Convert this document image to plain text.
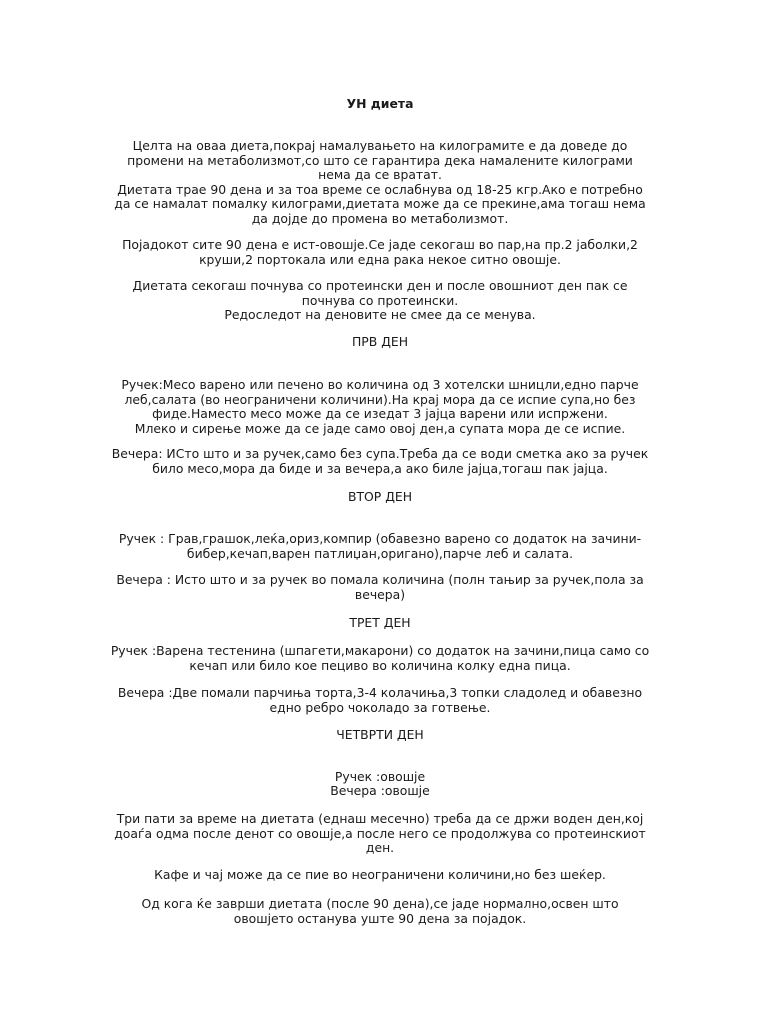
УН диета

Целта на оваа диета,покрај намалувањето на килограмите е да доведе до промени на метаболизмот,со што се гарантира дека намалените килограми нема да се вратат.
Диетата трае 90 дена и за тоа време се ослабнува од 18-25 кгр.Ако е потребно да се намалат помалку килограми,диетата може да се прекине,ама тогаш нема да дојде до промена во метаболизмот.

Појадокот сите 90 дена е ист-овошје.Се јаде секогаш во пар,на пр.2 јаболки,2 круши,2 портокала или една рака некое ситно овошје.

Диетата секогаш почнува со протеински ден и после овошниот ден пак се почнува со протеински.
Редоследот на деновите не смее да се менува.

ПРВ ДЕН

Ручек:Месо варено или печено во количина од 3 хотелски шницли,едно парче леб,салата (во неограничени количини).На крај мора да се испие супа,но без фиде.Наместо месо може да се изедат 3 јајца варени или испржени.
Млеко и сирење може да се јаде само овој ден,а супата мора де се испие.

Вечера: ИСто што и за ручек,само без супа.Треба да се води сметка ако за ручек било месо,мора да биде и за вечера,а ако биле јајца,тогаш пак јајца.

ВТОР ДЕН

Ручек : Грав,грашок,леќа,ориз,компир (обавезно варено со додаток на зачини-бибер,кечап,варен патлиџан,оригано),парче леб и салата.

Вечера : Исто што и за ручек во помала количина (полн тањир за ручек,пола за вечера)

ТРЕТ ДЕН

Ручек :Варена тестенина (шпагети,макарони) со додаток на зачини,пица само со кечап или било кое пециво во количина колку една пица.

Вечера :Две помали парчиња торта,3-4 колачиња,3 топки сладолед и обавезно едно ребро чоколадо за готвење.

ЧЕТВРТИ ДЕН
Ручек :овошје
Вечера :овошје

Три пати за време на диетата (еднаш месечно) треба да се држи воден ден,кој доаѓа одма после денот со овошје,а после него се продолжува со протеинскиот ден.

Кафе и чај може да се пие во неограничени количини,но без шеќер.

Од кога ќе заврши диетата (после 90 дена),се јаде нормално,освен што овошјето останува уште 90 дена за појадок.
